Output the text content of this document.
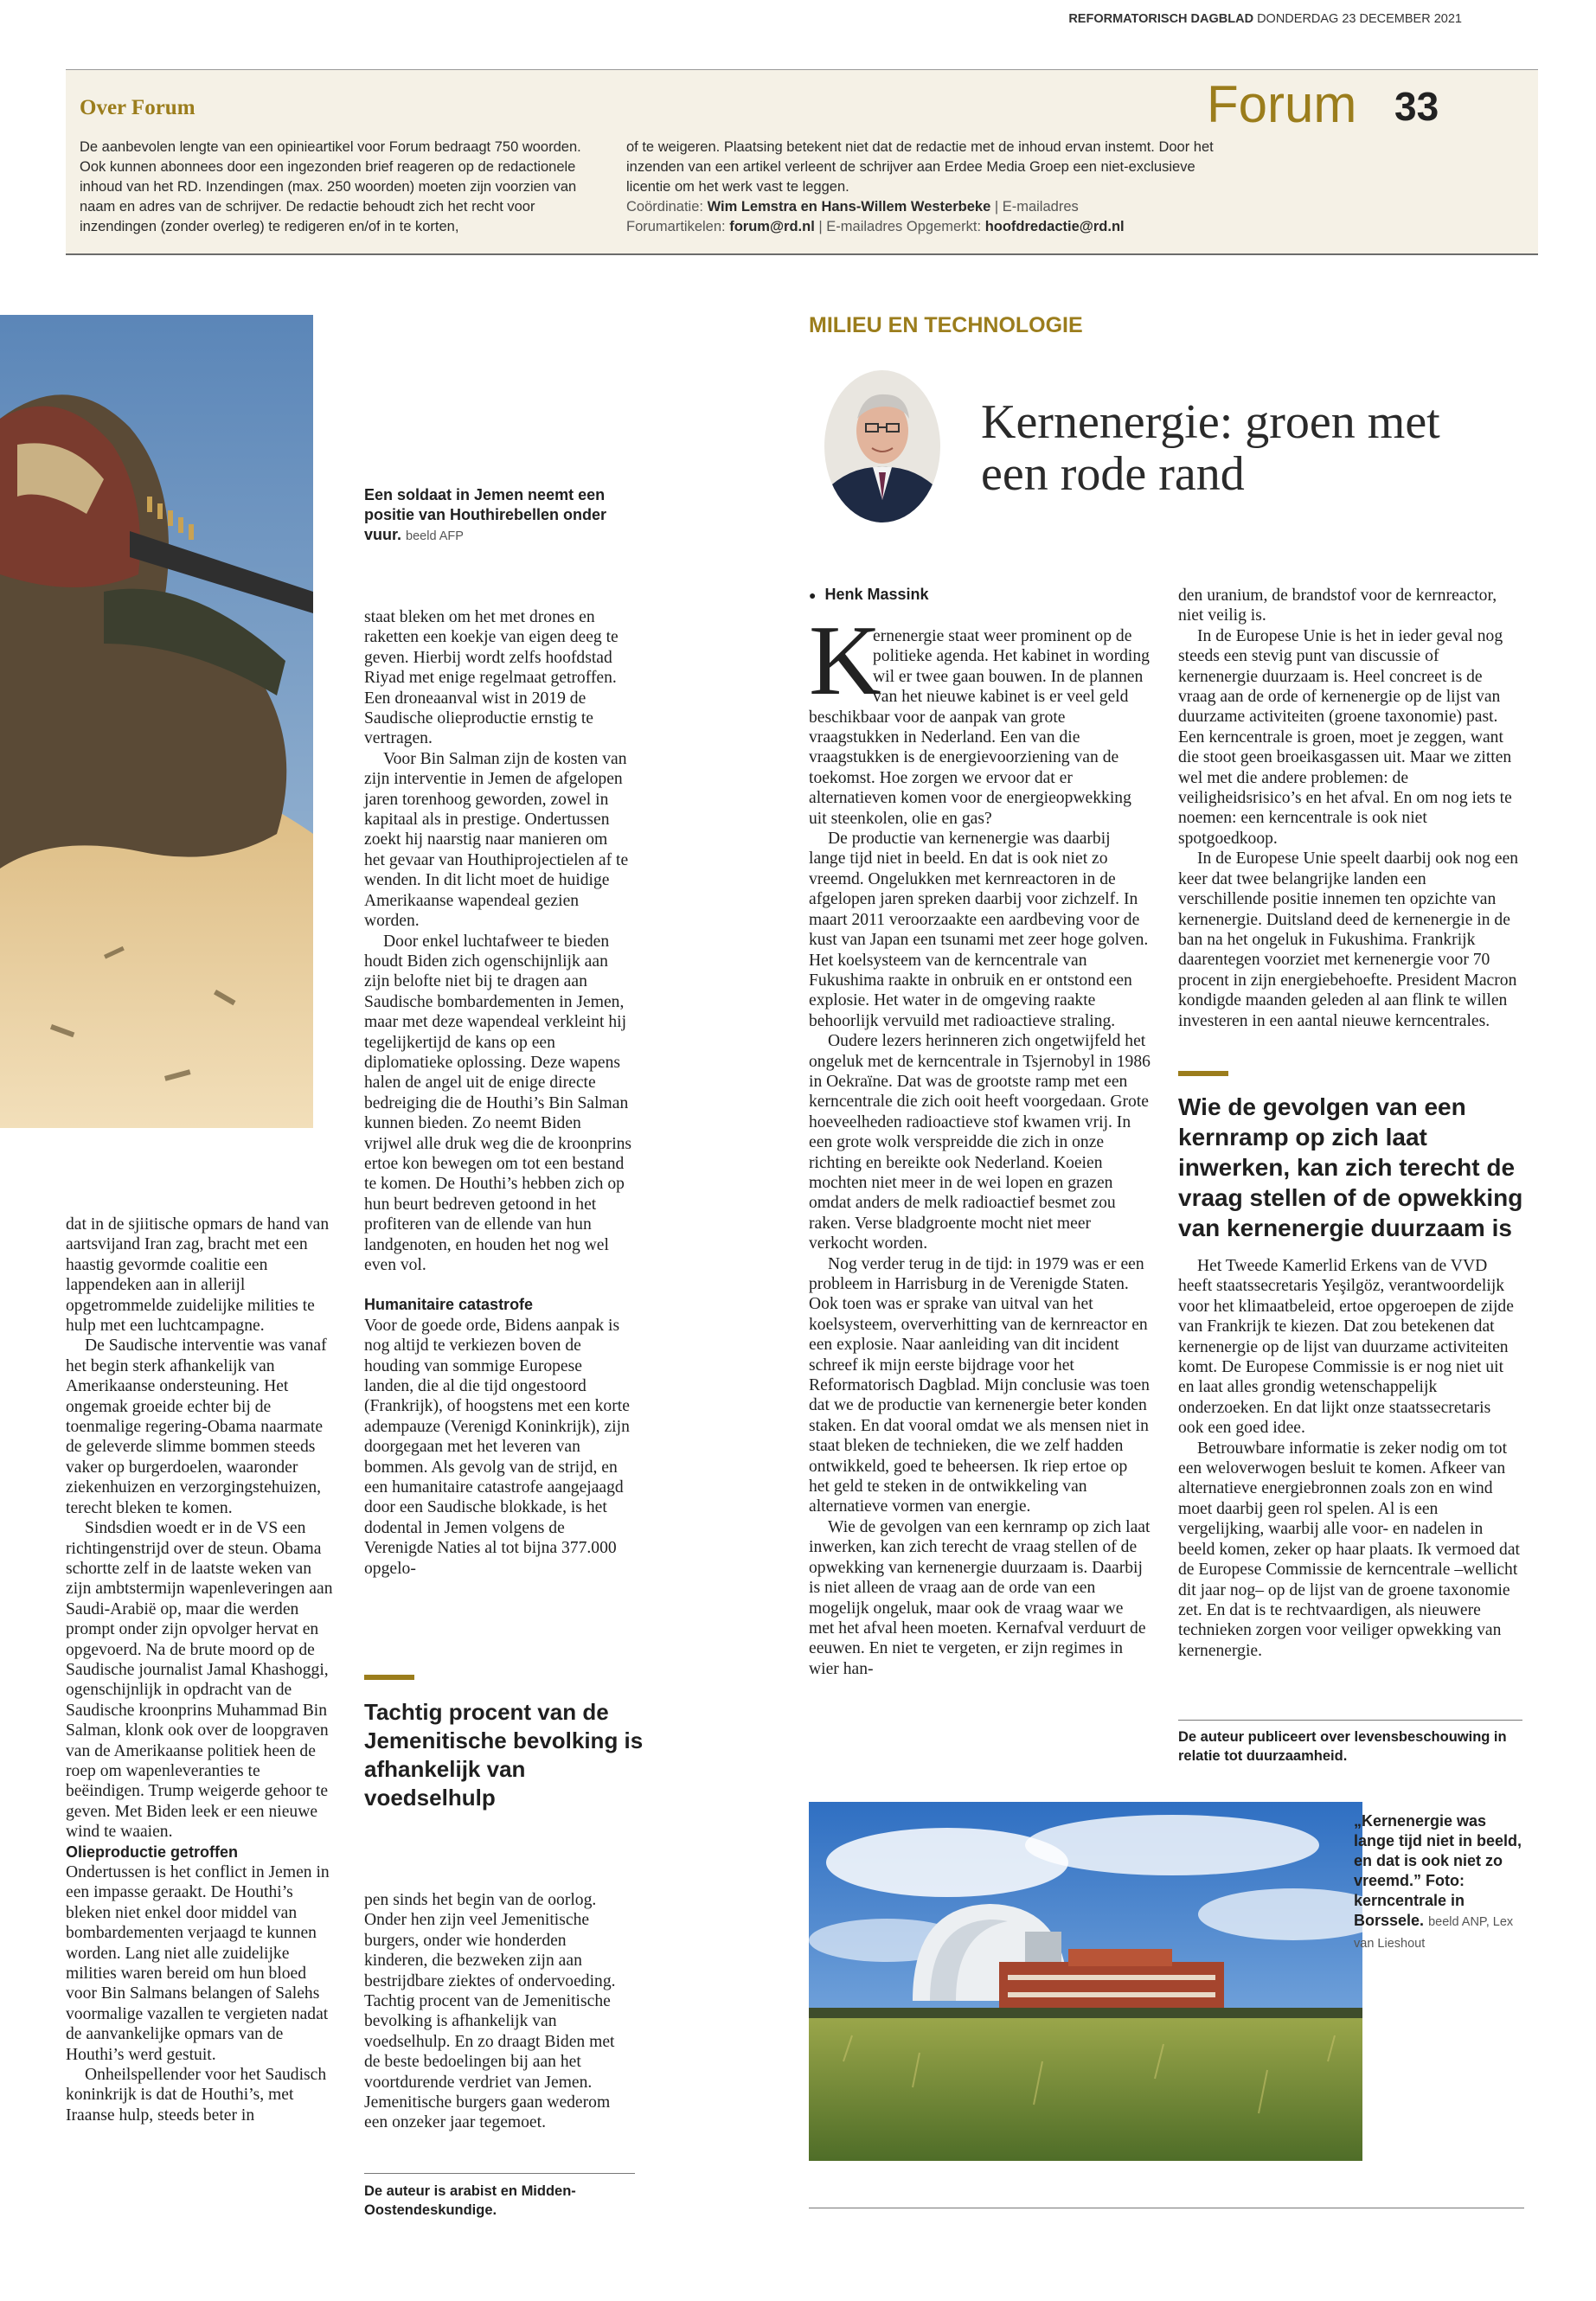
Over Forum

De aanbevolen lengte van een opinieartikel voor Forum bedraagt 750 woorden. Ook kunnen abonnees door een ingezonden brief reageren op de redactionele inhoud van het RD. Inzendingen (max. 250 woorden) moeten zijn voorzien van naam en adres van de schrijver. De redactie behoudt zich het recht voor inzendingen (zonder overleg) te redigeren en/of in te korten,

of te weigeren. Plaatsing betekent niet dat de redactie met de inhoud ervan instemt. Door het inzenden van een artikel verleent de schrijver aan Erdee Media Groep een niet-exclusieve licentie om het werk vast te leggen.

Coördinatie: Wim Lemstra en Hans-Willem Westerbeke | E-mailadres

Forumartikelen: forum@rd.nl | E-mailadres Opgemerkt: hoofdredactie@rd.nl

REFORMATORISCH DAGBLAD DONDERDAG 23 DECEMBER 2021
Forum 33
Een soldaat in Jemen neemt een positie van Houthirebellen onder vuur. beeld AFP

dat in de sjiitische opmars de hand van aartsvijand Iran zag, bracht met een haastig gevormde coalitie een lappendeken aan in allerijl opgetrommelde zuidelijke milities te hulp met een luchtcampagne.

De Saudische interventie was vanaf het begin sterk afhankelijk van Amerikaanse ondersteuning. Het ongemak groeide echter bij de toenmalige regering-Obama naarmate de geleverde slimme bommen steeds vaker op burgerdoelen, waaronder ziekenhuizen en verzorgingstehuizen, terecht bleken te komen.

Sindsdien woedt er in de VS een richtingenstrijd over de steun. Obama schortte zelf in de laatste weken van zijn ambtstermijn wapenleveringen aan Saudi-Arabië op, maar die werden prompt onder zijn opvolger hervat en opgevoerd. Na de brute moord op de Saudische journalist Jamal Khashoggi, ogenschijnlijk in opdracht van de Saudische kroonprins Muhammad Bin Salman, klonk ook over de loopgraven van de Amerikaanse politiek heen de roep om wapenleveranties te beëindigen. Trump weigerde gehoor te geven. Met Biden leek er een nieuwe wind te waaien.

Olieproductie getroffen

Ondertussen is het conflict in Jemen in een impasse geraakt. De Houthi’s bleken niet enkel door middel van bombardementen verjaagd te kunnen worden. Lang niet alle zuidelijke milities waren bereid om hun bloed voor Bin Salmans belangen of Salehs voormalige vazallen te vergieten nadat de aanvankelijke opmars van de Houthi’s werd gestuit.

Onheilspellender voor het Saudisch koninkrijk is dat de Houthi’s, met Iraanse hulp, steeds beter in

staat bleken om het met drones en raketten een koekje van eigen deeg te geven. Hierbij wordt zelfs hoofdstad Riyad met enige regelmaat getroffen. Een droneaanval wist in 2019 de Saudische olieproductie ernstig te vertragen.

Voor Bin Salman zijn de kosten van zijn interventie in Jemen de afgelopen jaren torenhoog geworden, zowel in kapitaal als in prestige. Ondertussen zoekt hij naarstig naar manieren om het gevaar van Houthiprojectielen af te wenden. In dit licht moet de huidige Amerikaanse wapendeal gezien worden.

Door enkel luchtafweer te bieden houdt Biden zich ogenschijnlijk aan zijn belofte niet bij te dragen aan Saudische bombardementen in Jemen, maar met deze wapendeal verkleint hij tegelijkertijd de kans op een diplomatieke oplossing. Deze wapens halen de angel uit de enige directe bedreiging die de Houthi’s Bin Salman kunnen bieden. Zo neemt Biden vrijwel alle druk weg die de kroonprins ertoe kon bewegen om tot een bestand te komen. De Houthi’s hebben zich op hun beurt bedreven getoond in het profiteren van de ellende van hun landgenoten, en houden het nog wel even vol.

Humanitaire catastrofe

Voor de goede orde, Bidens aanpak is nog altijd te verkiezen boven de houding van sommige Europese landen, die al die tijd ongestoord (Frankrijk), of hoogstens met een korte adempauze (Verenigd Koninkrijk), zijn doorgegaan met het leveren van bommen. Als gevolg van de strijd, en een humanitaire catastrofe aangejaagd door een Saudische blokkade, is het dodental in Jemen volgens de Verenigde Naties al tot bijna 377.000 opgelo-

Tachtig procent van de Jemenitische bevolking is afhankelijk van voedselhulp

pen sinds het begin van de oorlog. Onder hen zijn veel Jemenitische burgers, onder wie honderden kinderen, die bezweken zijn aan bestrijdbare ziektes of ondervoeding. Tachtig procent van de Jemenitische bevolking is afhankelijk van voedselhulp. En zo draagt Biden met de beste bedoelingen bij aan het voortdurende verdriet van Jemen. Jemenitische burgers gaan wederom een onzeker jaar tegemoet.

De auteur is arabist en Midden-Oostendeskundige.
MILIEU EN TECHNOLOGIE
Kernenergie: groen met een rode rand
● Henk Massink
K

ernenergie staat weer prominent op de politieke agenda. Het kabinet in wording wil er twee gaan bouwen. In de plannen van het nieuwe kabinet is er veel geld beschikbaar voor de aanpak van grote vraagstukken in Nederland. Een van die vraagstukken is de energievoorziening van de toekomst. Hoe zorgen we ervoor dat er alternatieven komen voor de energieopwekking uit steenkolen, olie en gas?

De productie van kernenergie was daarbij lange tijd niet in beeld. En dat is ook niet zo vreemd. Ongelukken met kernreactoren in de afgelopen jaren spreken daarbij voor zichzelf. In maart 2011 veroorzaakte een aardbeving voor de kust van Japan een tsunami met zeer hoge golven. Het koelsysteem van de kerncentrale van Fukushima raakte in onbruik en er ontstond een explosie. Het water in de omgeving raakte behoorlijk vervuild met radioactieve straling.

Oudere lezers herinneren zich ongetwijfeld het ongeluk met de kerncentrale in Tsjernobyl in 1986 in Oekraïne. Dat was de grootste ramp met een kerncentrale die zich ooit heeft voorgedaan. Grote hoeveelheden radioactieve stof kwamen vrij. In een grote wolk verspreidde die zich in onze richting en bereikte ook Nederland. Koeien mochten niet meer in de wei lopen en grazen omdat anders de melk radioactief besmet zou raken. Verse bladgroente mocht niet meer verkocht worden.

Nog verder terug in de tijd: in 1979 was er een probleem in Harrisburg in de Verenigde Staten. Ook toen was er sprake van uitval van het koelsysteem, oververhitting van de kernreactor en een explosie. Naar aanleiding van dit incident schreef ik mijn eerste bijdrage voor het Reformatorisch Dagblad. Mijn conclusie was toen dat we de productie van kernenergie beter konden staken. En dat vooral omdat we als mensen niet in staat bleken de technieken, die we zelf hadden ontwikkeld, goed te beheersen. Ik riep ertoe op het geld te steken in de ontwikkeling van alternatieve vormen van energie.

Wie de gevolgen van een kernramp op zich laat inwerken, kan zich terecht de vraag stellen of de opwekking van kernenergie duurzaam is. Daarbij is niet alleen de vraag aan de orde van een mogelijk ongeluk, maar ook de vraag waar we met het afval heen moeten. Kernafval verduurt de eeuwen. En niet te vergeten, er zijn regimes in wier han-

den uranium, de brandstof voor de kernreactor, niet veilig is.

In de Europese Unie is het in ieder geval nog steeds een stevig punt van discussie of kernenergie duurzaam is. Heel concreet is de vraag aan de orde of kernenergie op de lijst van duurzame activiteiten (groene taxonomie) past. Een kerncentrale is groen, moet je zeggen, want die stoot geen broeikasgassen uit. Maar we zitten wel met die andere problemen: de veiligheidsrisico’s en het afval. En om nog iets te noemen: een kerncentrale is ook niet spotgoedkoop.

In de Europese Unie speelt daarbij ook nog een keer dat twee belangrijke landen een verschillende positie innemen ten opzichte van kernenergie. Duitsland deed de kernenergie in de ban na het ongeluk in Fukushima. Frankrijk daarentegen voorziet met kernenergie voor 70 procent in zijn energiebehoefte. President Macron kondigde maanden geleden al aan flink te willen investeren in een aantal nieuwe kerncentrales.

Wie de gevolgen van een kernramp op zich laat inwerken, kan zich terecht de vraag stellen of de opwekking van kernenergie duurzaam is

Het Tweede Kamerlid Erkens van de VVD heeft staatssecretaris Yeşilgöz, verantwoordelijk voor het klimaatbeleid, ertoe opgeroepen de zijde van Frankrijk te kiezen. Dat zou betekenen dat kernenergie op de lijst van duurzame activiteiten komt. De Europese Commissie is er nog niet uit en laat alles grondig wetenschappelijk onderzoeken. En dat lijkt onze staatssecretaris ook een goed idee.

Betrouwbare informatie is zeker nodig om tot een weloverwogen besluit te komen. Afkeer van alternatieve energiebronnen zoals zon en wind moet daarbij geen rol spelen. Al is een vergelijking, waarbij alle voor- en nadelen in beeld komen, zeker op haar plaats. Ik vermoed dat de Europese Commissie de kerncentrale –wellicht dit jaar nog– op de lijst van de groene taxonomie zet. En dat is te rechtvaardigen, als nieuwere technieken zorgen voor veiliger opwekking van kernenergie.

De auteur publiceert over levensbeschouwing in relatie tot duurzaamheid.
„Kernenergie was lange tijd niet in beeld, en dat is ook niet zo vreemd.” Foto: kerncentrale in Borssele. beeld ANP, Lex van Lieshout
